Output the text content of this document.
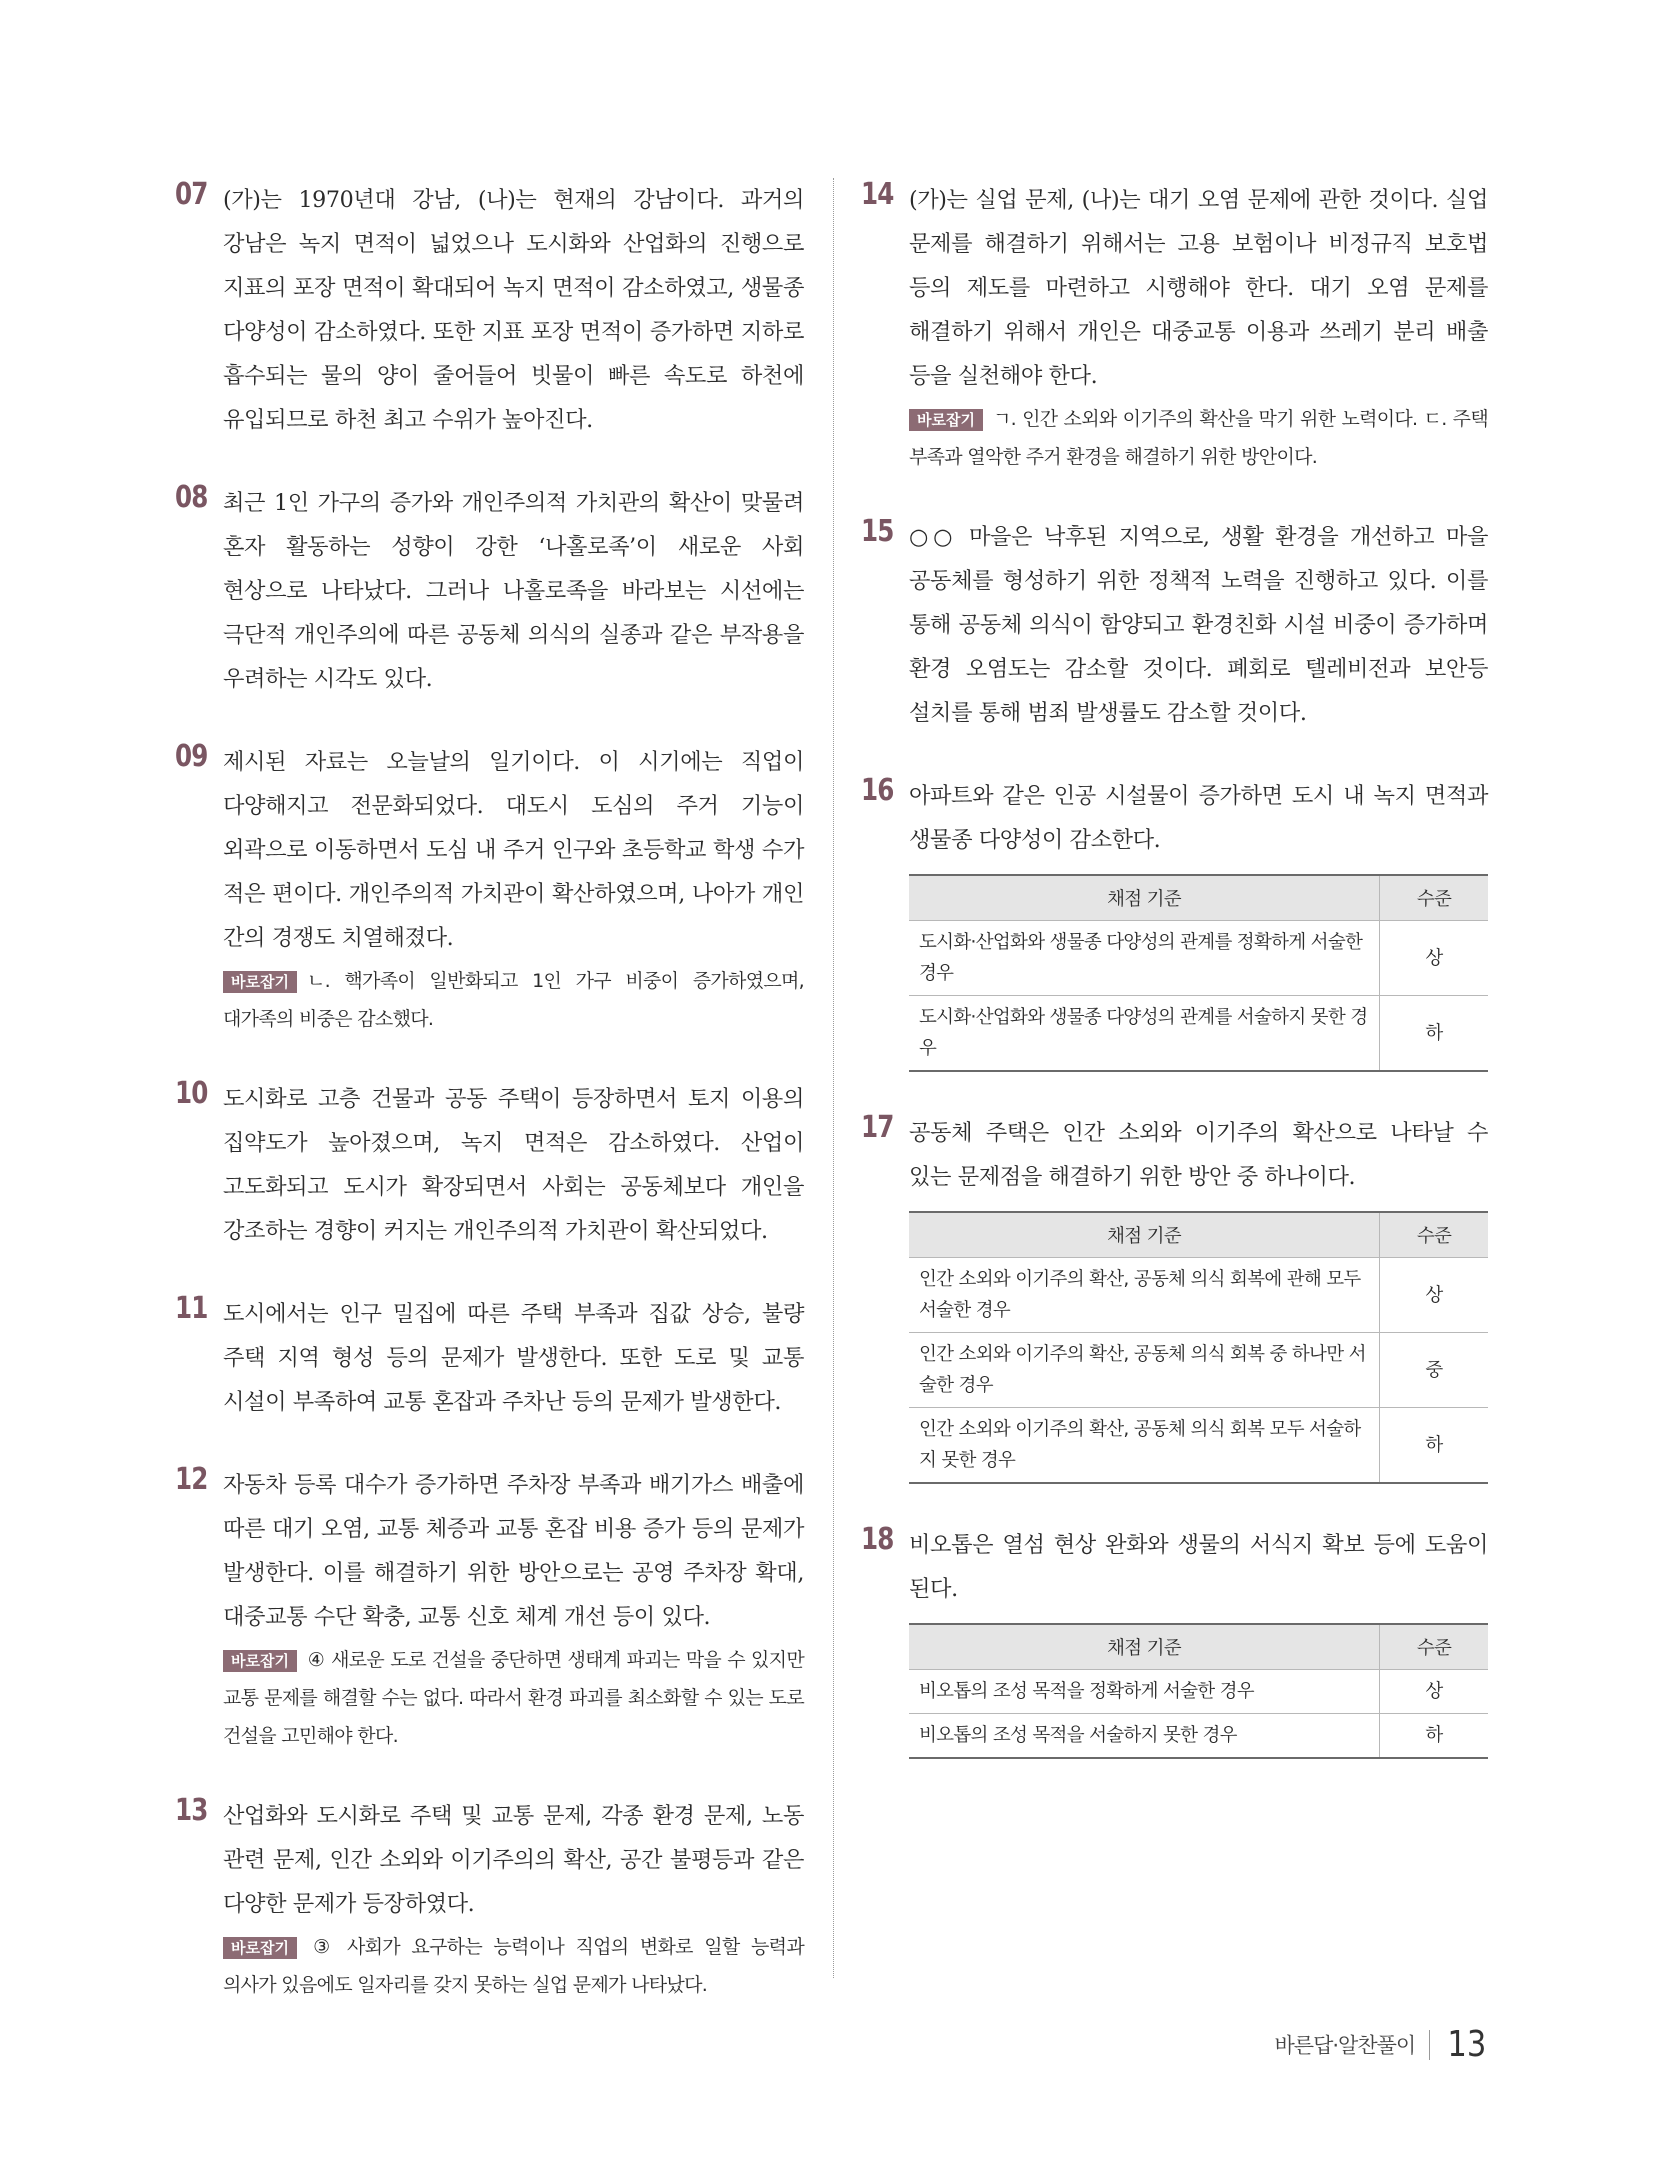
07 (가)는 1970년대 강남, (나)는 현재의 강남이다. 과거의 강남은 녹지 면적이 넓었으나 도시화와 산업화의 진행으로 지표의 포장 면적이 확대되어 녹지 면적이 감소하였고, 생물종 다양성이 감소하였다. 또한 지표 포장 면적이 증가하면 지하로 흡수되는 물의 양이 줄어들어 빗물이 빠른 속도로 하천에 유입되므로 하천 최고 수위가 높아진다.
08 최근 1인 가구의 증가와 개인주의적 가치관의 확산이 맞물려 혼자 활동하는 성향이 강한 ‘나홀로족’이 새로운 사회 현상으로 나타났다. 그러나 나홀로족을 바라보는 시선에는 극단적 개인주의에 따른 공동체 의식의 실종과 같은 부작용을 우려하는 시각도 있다.
09 제시된 자료는 오늘날의 일기이다. 이 시기에는 직업이 다양해지고 전문화되었다. 대도시 도심의 주거 기능이 외곽으로 이동하면서 도심 내 주거 인구와 초등학교 학생 수가 적은 편이다. 개인주의적 가치관이 확산하였으며, 나아가 개인 간의 경쟁도 치열해졌다.
바로잡기 ㄴ. 핵가족이 일반화되고 1인 가구 비중이 증가하였으며, 대가족의 비중은 감소했다.
10 도시화로 고층 건물과 공동 주택이 등장하면서 토지 이용의 집약도가 높아졌으며, 녹지 면적은 감소하였다. 산업이 고도화되고 도시가 확장되면서 사회는 공동체보다 개인을 강조하는 경향이 커지는 개인주의적 가치관이 확산되었다.
11 도시에서는 인구 밀집에 따른 주택 부족과 집값 상승, 불량 주택 지역 형성 등의 문제가 발생한다. 또한 도로 및 교통 시설이 부족하여 교통 혼잡과 주차난 등의 문제가 발생한다.
12 자동차 등록 대수가 증가하면 주차장 부족과 배기가스 배출에 따른 대기 오염, 교통 체증과 교통 혼잡 비용 증가 등의 문제가 발생한다. 이를 해결하기 위한 방안으로는 공영 주차장 확대, 대중교통 수단 확충, 교통 신호 체계 개선 등이 있다.
바로잡기 ④ 새로운 도로 건설을 중단하면 생태계 파괴는 막을 수 있지만 교통 문제를 해결할 수는 없다. 따라서 환경 파괴를 최소화할 수 있는 도로 건설을 고민해야 한다.
13 산업화와 도시화로 주택 및 교통 문제, 각종 환경 문제, 노동 관련 문제, 인간 소외와 이기주의의 확산, 공간 불평등과 같은 다양한 문제가 등장하였다.
바로잡기 ③ 사회가 요구하는 능력이나 직업의 변화로 일할 능력과 의사가 있음에도 일자리를 갖지 못하는 실업 문제가 나타났다.
14 (가)는 실업 문제, (나)는 대기 오염 문제에 관한 것이다. 실업 문제를 해결하기 위해서는 고용 보험이나 비정규직 보호법 등의 제도를 마련하고 시행해야 한다. 대기 오염 문제를 해결하기 위해서 개인은 대중교통 이용과 쓰레기 분리 배출 등을 실천해야 한다.
바로잡기 ㄱ. 인간 소외와 이기주의 확산을 막기 위한 노력이다. ㄷ. 주택 부족과 열악한 주거 환경을 해결하기 위한 방안이다.
15 ○○ 마을은 낙후된 지역으로, 생활 환경을 개선하고 마을 공동체를 형성하기 위한 정책적 노력을 진행하고 있다. 이를 통해 공동체 의식이 함양되고 환경친화 시설 비중이 증가하며 환경 오염도는 감소할 것이다. 폐회로 텔레비전과 보안등 설치를 통해 범죄 발생률도 감소할 것이다.
16 아파트와 같은 인공 시설물이 증가하면 도시 내 녹지 면적과 생물종 다양성이 감소한다.
채점 기준	수준
도시화·산업화와 생물종 다양성의 관계를 정확하게 서술한 경우	상
도시화·산업화와 생물종 다양성의 관계를 서술하지 못한 경우	하
17 공동체 주택은 인간 소외와 이기주의 확산으로 나타날 수 있는 문제점을 해결하기 위한 방안 중 하나이다.
채점 기준	수준
인간 소외와 이기주의 확산, 공동체 의식 회복에 관해 모두 서술한 경우	상
인간 소외와 이기주의 확산, 공동체 의식 회복 중 하나만 서술한 경우	중
인간 소외와 이기주의 확산, 공동체 의식 회복 모두 서술하지 못한 경우	하
18 비오톱은 열섬 현상 완화와 생물의 서식지 확보 등에 도움이 된다.
채점 기준	수준
비오톱의 조성 목적을 정확하게 서술한 경우	상
비오톱의 조성 목적을 서술하지 못한 경우	하
바른답·알찬풀이 13
